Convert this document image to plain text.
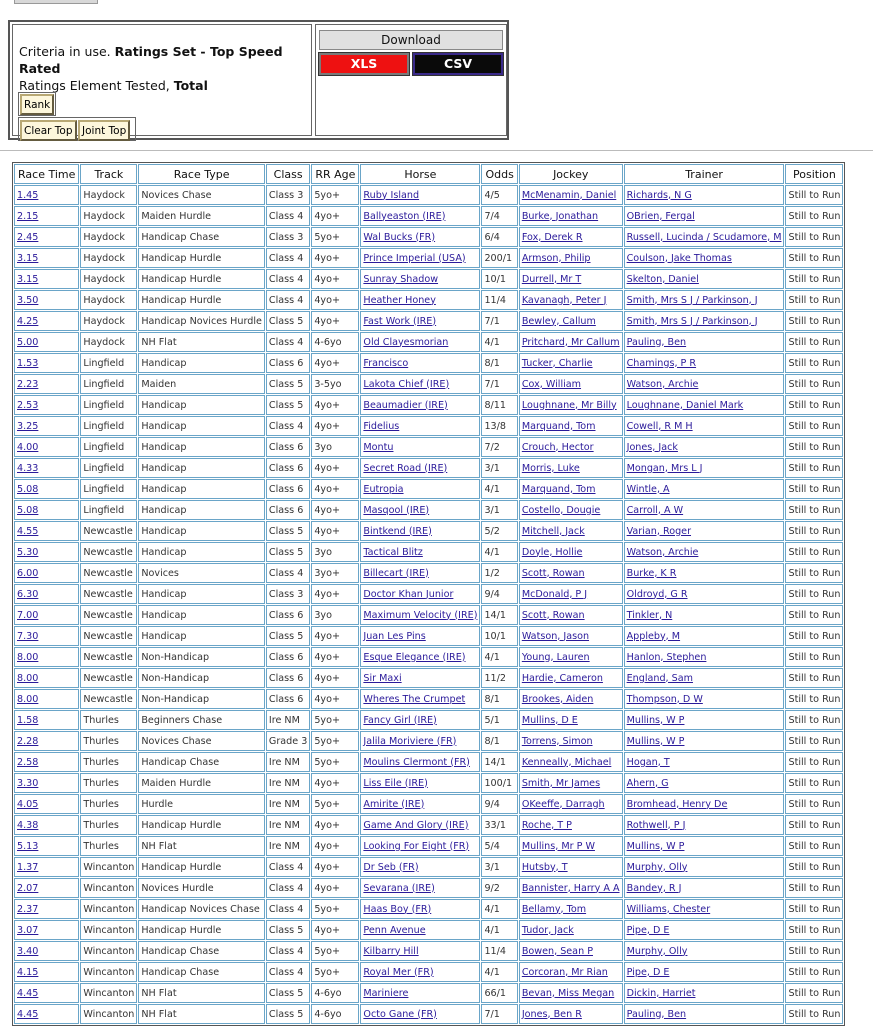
Criteria in use. Ratings Set - Top Speed Rated
Ratings Element Tested, Total
Rank
Clear Top Joint Top
Download
XLS	CSV
Race Time	Track	Race Type	Class	RR Age	Horse	Odds	Jockey	Trainer	Position
1.45	Haydock	Novices Chase	Class 3	5yo+	Ruby Island	4/5	McMenamin, Daniel	Richards, N G	Still to Run
2.15	Haydock	Maiden Hurdle	Class 4	4yo+	Ballyeaston (IRE)	7/4	Burke, Jonathan	OBrien, Fergal	Still to Run
2.45	Haydock	Handicap Chase	Class 3	5yo+	Wal Bucks (FR)	6/4	Fox, Derek R	Russell, Lucinda / Scudamore, M	Still to Run
3.15	Haydock	Handicap Hurdle	Class 4	4yo+	Prince Imperial (USA)	200/1	Armson, Philip	Coulson, Jake Thomas	Still to Run
3.15	Haydock	Handicap Hurdle	Class 4	4yo+	Sunray Shadow	10/1	Durrell, Mr T	Skelton, Daniel	Still to Run
3.50	Haydock	Handicap Hurdle	Class 4	4yo+	Heather Honey	11/4	Kavanagh, Peter J	Smith, Mrs S J / Parkinson, J	Still to Run
4.25	Haydock	Handicap Novices Hurdle	Class 5	4yo+	Fast Work (IRE)	7/1	Bewley, Callum	Smith, Mrs S J / Parkinson, J	Still to Run
5.00	Haydock	NH Flat	Class 4	4-6yo	Old Clayesmorian	4/1	Pritchard, Mr Callum	Pauling, Ben	Still to Run
1.53	Lingfield	Handicap	Class 6	4yo+	Francisco	8/1	Tucker, Charlie	Chamings, P R	Still to Run
2.23	Lingfield	Maiden	Class 5	3-5yo	Lakota Chief (IRE)	7/1	Cox, William	Watson, Archie	Still to Run
2.53	Lingfield	Handicap	Class 5	4yo+	Beaumadier (IRE)	8/11	Loughnane, Mr Billy	Loughnane, Daniel Mark	Still to Run
3.25	Lingfield	Handicap	Class 4	4yo+	Fidelius	13/8	Marquand, Tom	Cowell, R M H	Still to Run
4.00	Lingfield	Handicap	Class 6	3yo	Montu	7/2	Crouch, Hector	Jones, Jack	Still to Run
4.33	Lingfield	Handicap	Class 6	4yo+	Secret Road (IRE)	3/1	Morris, Luke	Mongan, Mrs L J	Still to Run
5.08	Lingfield	Handicap	Class 6	4yo+	Eutropia	4/1	Marquand, Tom	Wintle, A	Still to Run
5.08	Lingfield	Handicap	Class 6	4yo+	Masqool (IRE)	3/1	Costello, Dougie	Carroll, A W	Still to Run
4.55	Newcastle	Handicap	Class 5	4yo+	Bintkend (IRE)	5/2	Mitchell, Jack	Varian, Roger	Still to Run
5.30	Newcastle	Handicap	Class 5	3yo	Tactical Blitz	4/1	Doyle, Hollie	Watson, Archie	Still to Run
6.00	Newcastle	Novices	Class 4	3yo+	Billecart (IRE)	1/2	Scott, Rowan	Burke, K R	Still to Run
6.30	Newcastle	Handicap	Class 3	4yo+	Doctor Khan Junior	9/4	McDonald, P J	Oldroyd, G R	Still to Run
7.00	Newcastle	Handicap	Class 6	3yo	Maximum Velocity (IRE)	14/1	Scott, Rowan	Tinkler, N	Still to Run
7.30	Newcastle	Handicap	Class 5	4yo+	Juan Les Pins	10/1	Watson, Jason	Appleby, M	Still to Run
8.00	Newcastle	Non-Handicap	Class 6	4yo+	Esque Elegance (IRE)	4/1	Young, Lauren	Hanlon, Stephen	Still to Run
8.00	Newcastle	Non-Handicap	Class 6	4yo+	Sir Maxi	11/2	Hardie, Cameron	England, Sam	Still to Run
8.00	Newcastle	Non-Handicap	Class 6	4yo+	Wheres The Crumpet	8/1	Brookes, Aiden	Thompson, D W	Still to Run
1.58	Thurles	Beginners Chase	Ire NM	5yo+	Fancy Girl (IRE)	5/1	Mullins, D E	Mullins, W P	Still to Run
2.28	Thurles	Novices Chase	Grade 3	5yo+	Jalila Moriviere (FR)	8/1	Torrens, Simon	Mullins, W P	Still to Run
2.58	Thurles	Handicap Chase	Ire NM	5yo+	Moulins Clermont (FR)	14/1	Kenneally, Michael	Hogan, T	Still to Run
3.30	Thurles	Maiden Hurdle	Ire NM	4yo+	Liss Eile (IRE)	100/1	Smith, Mr James	Ahern, G	Still to Run
4.05	Thurles	Hurdle	Ire NM	5yo+	Amirite (IRE)	9/4	OKeeffe, Darragh	Bromhead, Henry De	Still to Run
4.38	Thurles	Handicap Hurdle	Ire NM	4yo+	Game And Glory (IRE)	33/1	Roche, T P	Rothwell, P J	Still to Run
5.13	Thurles	NH Flat	Ire NM	4yo+	Looking For Eight (FR)	5/4	Mullins, Mr P W	Mullins, W P	Still to Run
1.37	Wincanton	Handicap Hurdle	Class 4	4yo+	Dr Seb (FR)	3/1	Hutsby, T	Murphy, Olly	Still to Run
2.07	Wincanton	Novices Hurdle	Class 4	4yo+	Sevarana (IRE)	9/2	Bannister, Harry A A	Bandey, R J	Still to Run
2.37	Wincanton	Handicap Novices Chase	Class 4	5yo+	Haas Boy (FR)	4/1	Bellamy, Tom	Williams, Chester	Still to Run
3.07	Wincanton	Handicap Hurdle	Class 5	4yo+	Penn Avenue	4/1	Tudor, Jack	Pipe, D E	Still to Run
3.40	Wincanton	Handicap Chase	Class 4	5yo+	Kilbarry Hill	11/4	Bowen, Sean P	Murphy, Olly	Still to Run
4.15	Wincanton	Handicap Chase	Class 4	5yo+	Royal Mer (FR)	4/1	Corcoran, Mr Rian	Pipe, D E	Still to Run
4.45	Wincanton	NH Flat	Class 5	4-6yo	Mariniere	66/1	Bevan, Miss Megan	Dickin, Harriet	Still to Run
4.45	Wincanton	NH Flat	Class 5	4-6yo	Octo Gane (FR)	7/1	Jones, Ben R	Pauling, Ben	Still to Run
